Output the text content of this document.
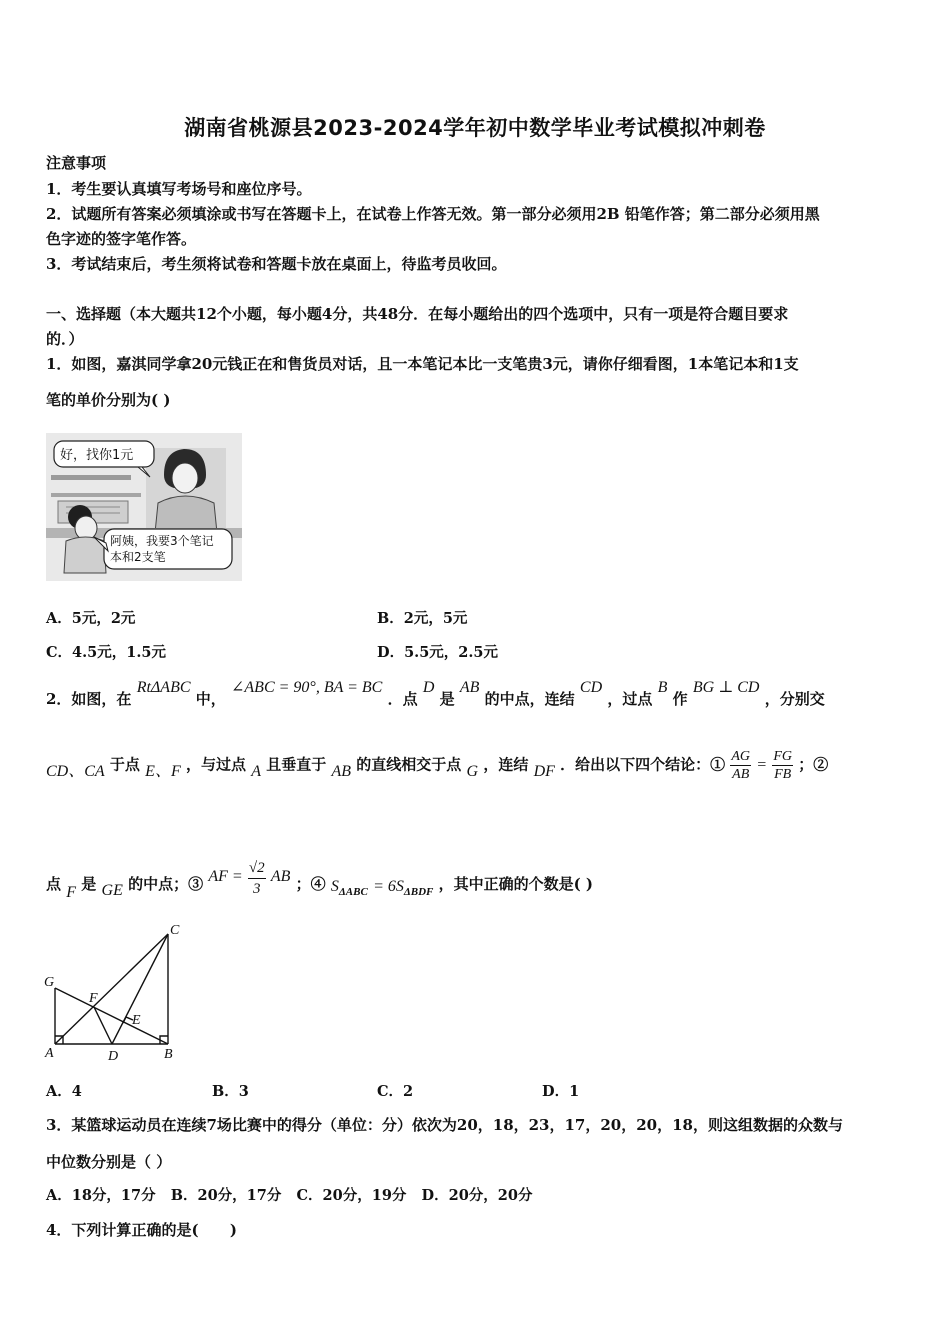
湖南省桃源县2023-2024学年初中数学毕业考试模拟冲刺卷
注意事项
1．考生要认真填写考场号和座位序号。
2．试题所有答案必须填涂或书写在答题卡上，在试卷上作答无效。第一部分必须用2B 铅笔作答；第二部分必须用黑
色字迹的签字笔作答。
3．考试结束后，考生须将试卷和答题卡放在桌面上，待监考员收回。
一、选择题（本大题共12个小题，每小题4分，共48分．在每小题给出的四个选项中，只有一项是符合题目要求
的．）
1．如图，嘉淇同学拿20元钱正在和售货员对话，且一本笔记本比一支笔贵3元，请你仔细看图，1本笔记本和1支
笔的单价分别为( )
好，找你1元
阿姨，我要3个笔记
本和2支笔
A．5元，2元	B．2元，5元
C．4.5元，1.5元	D．5.5元，2.5元
2．如图，在 RtΔABC 中， ∠ABC = 90°, BA = BC ．点 D 是 AB 的中点，连结 CD ，过点 B 作 BG ⊥ CD ，分别交
CD、CA 于点 E、F ，与过点 A 且垂直于 AB 的直线相交于点 G ，连结 DF ．给出以下四个结论：① $\frac{AG}{AB} = \frac{FG}{FB}$ ；②
点 F 是 GE 的中点；③ AF = $\frac{√2}{3}$ AB ；④ $S_{\Delta ABC} = 6S_{\Delta BDF}$ ，其中正确的个数是( )
C
G
F
E
A	D	B
A．4	B．3	C．2	D．1
3．某篮球运动员在连续7场比赛中的得分（单位：分）依次为20，18，23，17，20，20，18，则这组数据的众数与
中位数分别是（ ）
A．18分，17分   B．20分，17分   C．20分，19分   D．20分，20分
4．下列计算正确的是(      )
